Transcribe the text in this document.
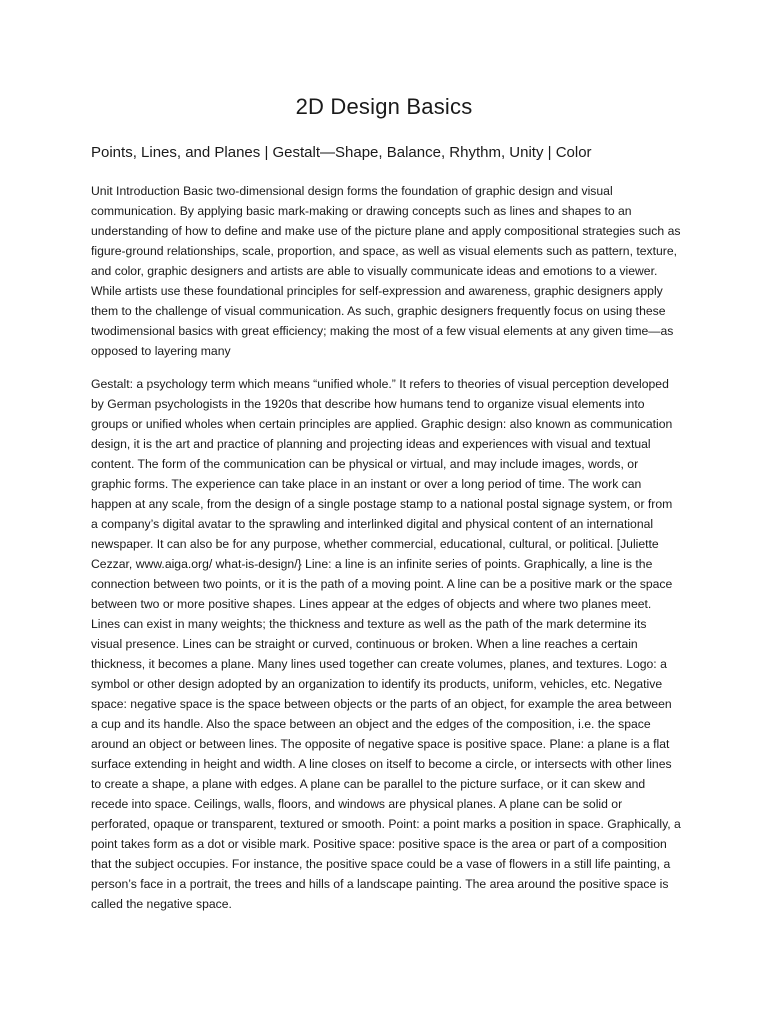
2D Design Basics

Points, Lines, and Planes | Gestalt—Shape, Balance, Rhythm, Unity | Color

Unit Introduction Basic two-dimensional design forms the foundation of graphic design and visual communication. By applying basic mark-making or drawing concepts such as lines and shapes to an understanding of how to define and make use of the picture plane and apply compositional strategies such as figure-ground relationships, scale, proportion, and space, as well as visual elements such as pattern, texture, and color, graphic designers and artists are able to visually communicate ideas and emotions to a viewer. While artists use these foundational principles for self-expression and awareness, graphic designers apply them to the challenge of visual communication. As such, graphic designers frequently focus on using these twodimensional basics with great efficiency; making the most of a few visual elements at any given time—as opposed to layering many

Gestalt: a psychology term which means “unified whole.” It refers to theories of visual perception developed by German psychologists in the 1920s that describe how humans tend to organize visual elements into groups or unified wholes when certain principles are applied. Graphic design: also known as communication design, it is the art and practice of planning and projecting ideas and experiences with visual and textual content. The form of the communication can be physical or virtual, and may include images, words, or graphic forms. The experience can take place in an instant or over a long period of time. The work can happen at any scale, from the design of a single postage stamp to a national postal signage system, or from a company’s digital avatar to the sprawling and interlinked digital and physical content of an international newspaper. It can also be for any purpose, whether commercial, educational, cultural, or political. [Juliette Cezzar, www.aiga.org/ what-is-design/} Line: a line is an infinite series of points. Graphically, a line is the connection between two points, or it is the path of a moving point. A line can be a positive mark or the space between two or more positive shapes. Lines appear at the edges of objects and where two planes meet. Lines can exist in many weights; the thickness and texture as well as the path of the mark determine its visual presence. Lines can be straight or curved, continuous or broken. When a line reaches a certain thickness, it becomes a plane. Many lines used together can create volumes, planes, and textures. Logo: a symbol or other design adopted by an organization to identify its products, uniform, vehicles, etc. Negative space: negative space is the space between objects or the parts of an object, for example the area between a cup and its handle. Also the space between an object and the edges of the composition, i.e. the space around an object or between lines. The opposite of negative space is positive space. Plane: a plane is a flat surface extending in height and width. A line closes on itself to become a circle, or intersects with other lines to create a shape, a plane with edges. A plane can be parallel to the picture surface, or it can skew and recede into space. Ceilings, walls, floors, and windows are physical planes. A plane can be solid or perforated, opaque or transparent, textured or smooth. Point: a point marks a position in space. Graphically, a point takes form as a dot or visible mark. Positive space: positive space is the area or part of a composition that the subject occupies. For instance, the positive space could be a vase of flowers in a still life painting, a person’s face in a portrait, the trees and hills of a landscape painting. The area around the positive space is called the negative space.
